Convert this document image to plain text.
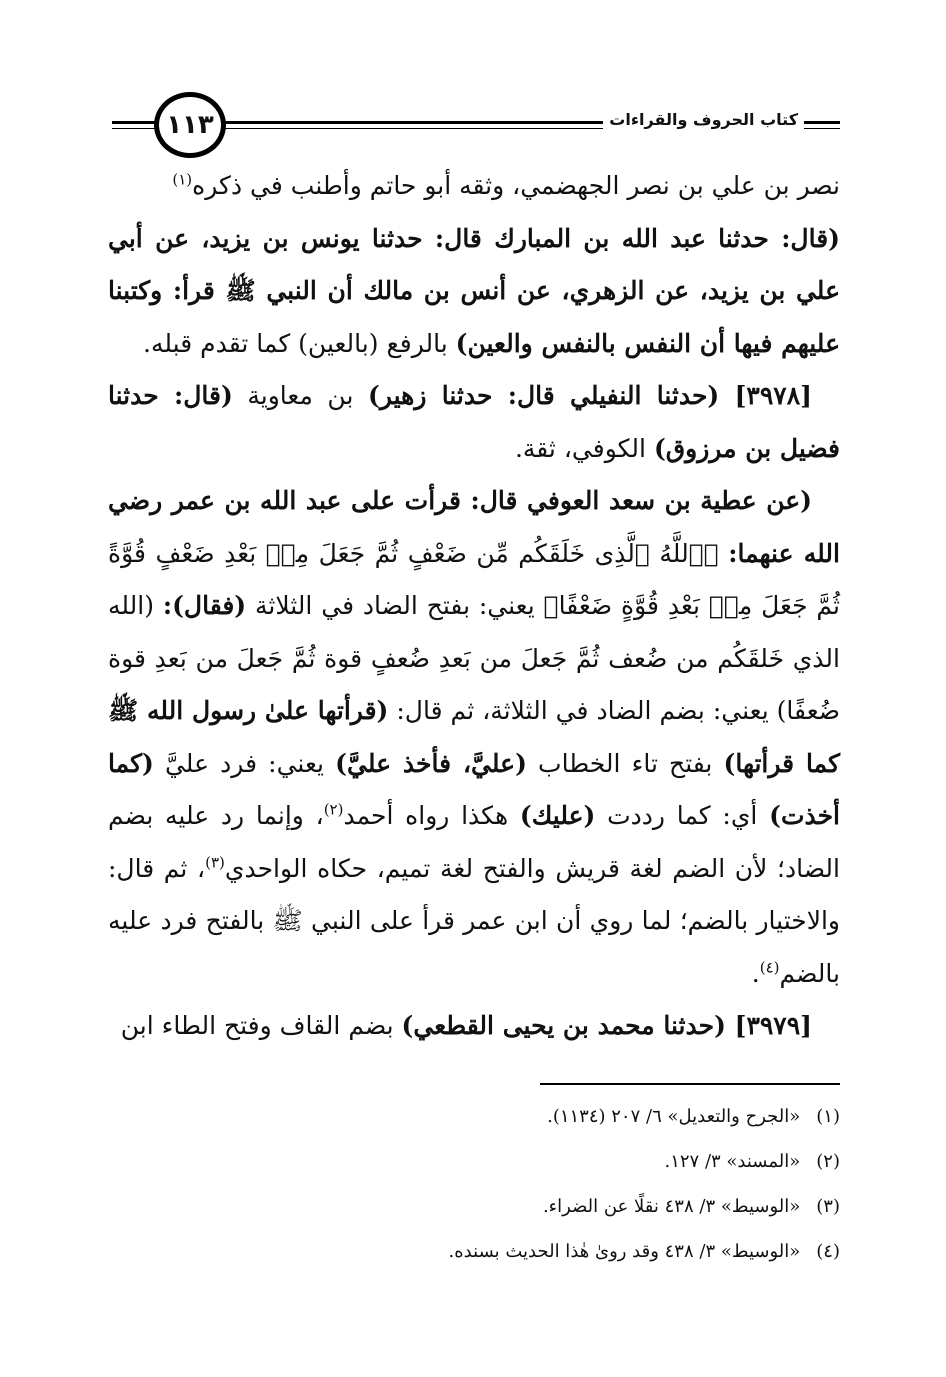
١١٣	كتاب الحروف والقراءات

نصر بن علي بن نصر الجهضمي، وثقه أبو حاتم وأطنب في ذكره$^{(١)}$

(قال: حدثنا عبد الله بن المبارك قال: حدثنا يونس بن يزيد، عن أبي علي بن يزيد، عن الزهري، عن أنس بن مالك أن النبي ﷺ قرأ: وكتبنا عليهم فيها أن النفس بالنفس والعين) بالرفع (بالعين) كما تقدم قبله.

[٣٩٧٨] (حدثنا النفيلي قال: حدثنا زهير) بن معاوية (قال: حدثنا فضيل بن مرزوق) الكوفي، ثقة.

(عن عطية بن سعد العوفي قال: قرأت على عبد الله بن عمر رضي الله عنهما: ﴿ٱللَّهُ ٱلَّذِى خَلَقَكُم مِّن ضَعْفٍ ثُمَّ جَعَلَ مِنۢ بَعْدِ ضَعْفٍ قُوَّةً ثُمَّ جَعَلَ مِنۢ بَعْدِ قُوَّةٍ ضَعْفًا﴾ يعني: بفتح الضاد في الثلاثة (فقال): (الله الذي خَلقَكُم من ضُعف ثُمَّ جَعلَ من بَعدِ ضُعفٍ قوة ثُمَّ جَعلَ من بَعدِ قوة ضُعفًا) يعني: بضم الضاد في الثلاثة، ثم قال: (قرأتها علىٰ رسول الله ﷺ كما قرأتها) بفتح تاء الخطاب (عليَّ، فأخذ عليَّ) يعني: فرد عليَّ (كما أخذت) أي: كما رددت (عليك) هكذا رواه أحمد$^{(٢)}$، وإنما رد عليه بضم الضاد؛ لأن الضم لغة قريش والفتح لغة تميم، حكاه الواحدي$^{(٣)}$، ثم قال: والاختيار بالضم؛ لما روي أن ابن عمر قرأ على النبي ﷺ بالفتح فرد عليه بالضم$^{(٤)}$.

[٣٩٧٩] (حدثنا محمد بن يحيى القطعي) بضم القاف وفتح الطاء ابن

(١) «الجرح والتعديل» ٦/ ٢٠٧ (١١٣٤).
(٢) «المسند» ٣/ ١٢٧.
(٣) «الوسيط» ٣/ ٤٣٨ نقلًا عن الضراء.
(٤) «الوسيط» ٣/ ٤٣٨ وقد روىٰ هٰذا الحديث بسنده.
